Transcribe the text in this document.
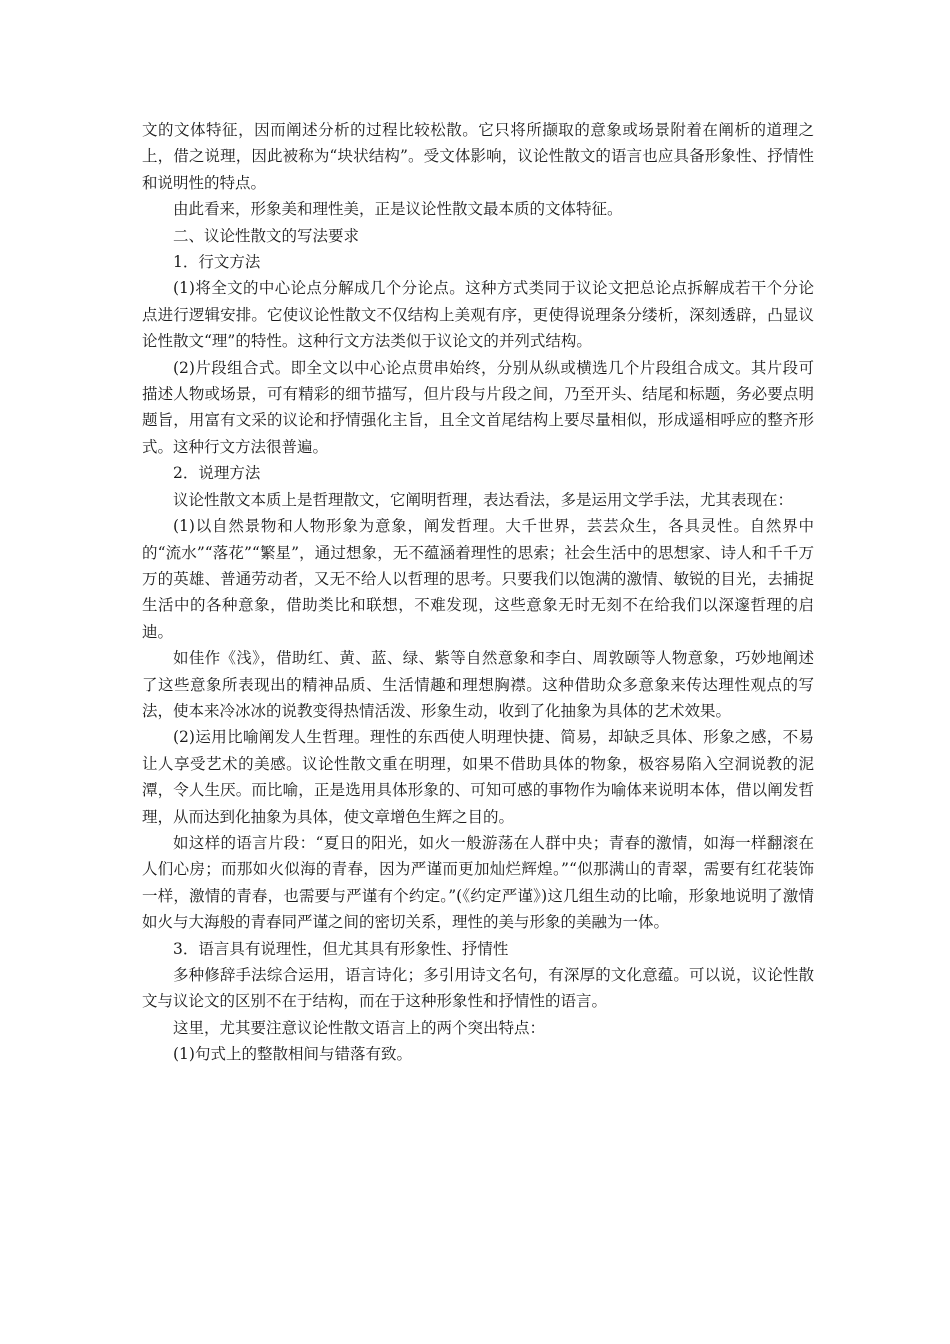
文的文体特征，因而阐述分析的过程比较松散。它只将所撷取的意象或场景附着在阐析的道理之上，借之说理，因此被称为“块状结构”。受文体影响，议论性散文的语言也应具备形象性、抒情性和说明性的特点。

由此看来，形象美和理性美，正是议论性散文最本质的文体特征。

二、议论性散文的写法要求

1．行文方法

(1)将全文的中心论点分解成几个分论点。这种方式类同于议论文把总论点拆解成若干个分论点进行逻辑安排。它使议论性散文不仅结构上美观有序，更使得说理条分缕析，深刻透辟，凸显议论性散文“理”的特性。这种行文方法类似于议论文的并列式结构。

(2)片段组合式。即全文以中心论点贯串始终，分别从纵或横选几个片段组合成文。其片段可描述人物或场景，可有精彩的细节描写，但片段与片段之间，乃至开头、结尾和标题，务必要点明题旨，用富有文采的议论和抒情强化主旨，且全文首尾结构上要尽量相似，形成遥相呼应的整齐形式。这种行文方法很普遍。

2．说理方法

议论性散文本质上是哲理散文，它阐明哲理，表达看法，多是运用文学手法，尤其表现在：

(1)以自然景物和人物形象为意象，阐发哲理。大千世界，芸芸众生，各具灵性。自然界中的“流水”“落花”“繁星”，通过想象，无不蕴涵着理性的思索；社会生活中的思想家、诗人和千千万万的英雄、普通劳动者，又无不给人以哲理的思考。只要我们以饱满的激情、敏锐的目光，去捕捉生活中的各种意象，借助类比和联想，不难发现，这些意象无时无刻不在给我们以深邃哲理的启迪。

如佳作《浅》，借助红、黄、蓝、绿、紫等自然意象和李白、周敦颐等人物意象，巧妙地阐述了这些意象所表现出的精神品质、生活情趣和理想胸襟。这种借助众多意象来传达理性观点的写法，使本来冷冰冰的说教变得热情活泼、形象生动，收到了化抽象为具体的艺术效果。

(2)运用比喻阐发人生哲理。理性的东西使人明理快捷、简易，却缺乏具体、形象之感，不易让人享受艺术的美感。议论性散文重在明理，如果不借助具体的物象，极容易陷入空洞说教的泥潭，令人生厌。而比喻，正是选用具体形象的、可知可感的事物作为喻体来说明本体，借以阐发哲理，从而达到化抽象为具体，使文章增色生辉之目的。

如这样的语言片段：“夏日的阳光，如火一般游荡在人群中央；青春的激情，如海一样翻滚在人们心房；而那如火似海的青春，因为严谨而更加灿烂辉煌。”“似那满山的青翠，需要有红花装饰一样，激情的青春，也需要与严谨有个约定。”(《约定严谨》)这几组生动的比喻，形象地说明了激情如火与大海般的青春同严谨之间的密切关系，理性的美与形象的美融为一体。

3．语言具有说理性，但尤其具有形象性、抒情性

多种修辞手法综合运用，语言诗化；多引用诗文名句，有深厚的文化意蕴。可以说，议论性散文与议论文的区别不在于结构，而在于这种形象性和抒情性的语言。

这里，尤其要注意议论性散文语言上的两个突出特点：

(1)句式上的整散相间与错落有致。
